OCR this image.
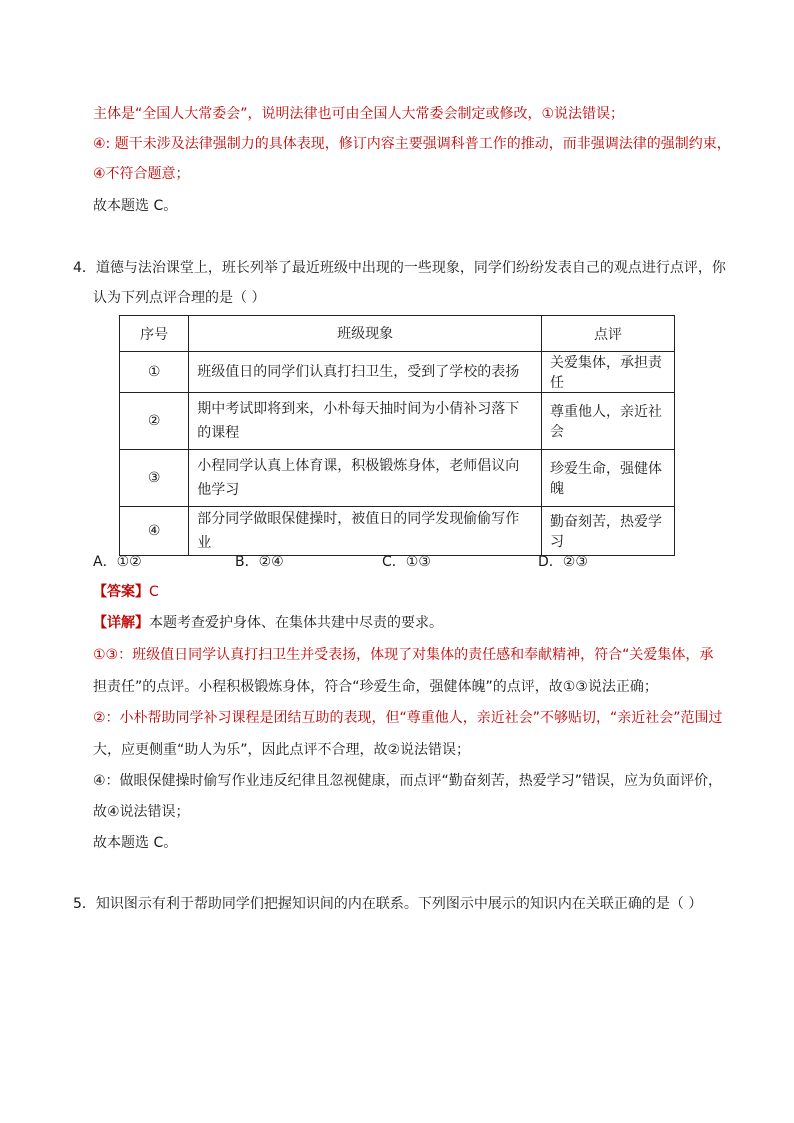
主体是“全国人大常委会”，说明法律也可由全国人大常委会制定或修改，①说法错误；
④: 题干未涉及法律强制力的具体表现，修订内容主要强调科普工作的推动，而非强调法律的强制约束，
④不符合题意；
故本题选 C。
4．道德与法治课堂上，班长列举了最近班级中出现的一些现象，同学们纷纷发表自己的观点进行点评，你
认为下列点评合理的是（ ）
序号	班级现象	点评
①	班级值日的同学们认真打扫卫生，受到了学校的表扬	关爱集体，承担责任
②	期中考试即将到来，小朴每天抽时间为小倩补习落下的课程	尊重他人，亲近社会
③	小程同学认真上体育课，积极锻炼身体，老师倡议向他学习	珍爱生命，强健体魄
④	部分同学做眼保健操时，被值日的同学发现偷偷写作业	勤奋刻苦，热爱学习
A．①②	B．②④	C．①③	D．②③
【答案】C
【详解】本题考查爱护身体、在集体共建中尽责的要求。
①③：班级值日同学认真打扫卫生并受表扬，体现了对集体的责任感和奉献精神，符合“关爱集体，承
担责任”的点评。小程积极锻炼身体，符合“珍爱生命，强健体魄”的点评，故①③说法正确；
②：小朴帮助同学补习课程是团结互助的表现，但“尊重他人，亲近社会”不够贴切，“亲近社会”范围过
大，应更侧重“助人为乐”，因此点评不合理，故②说法错误；
④：做眼保健操时偷写作业违反纪律且忽视健康，而点评“勤奋刻苦，热爱学习”错误，应为负面评价，
故④说法错误；
故本题选 C。
5．知识图示有利于帮助同学们把握知识间的内在联系。下列图示中展示的知识内在关联正确的是（ ）
